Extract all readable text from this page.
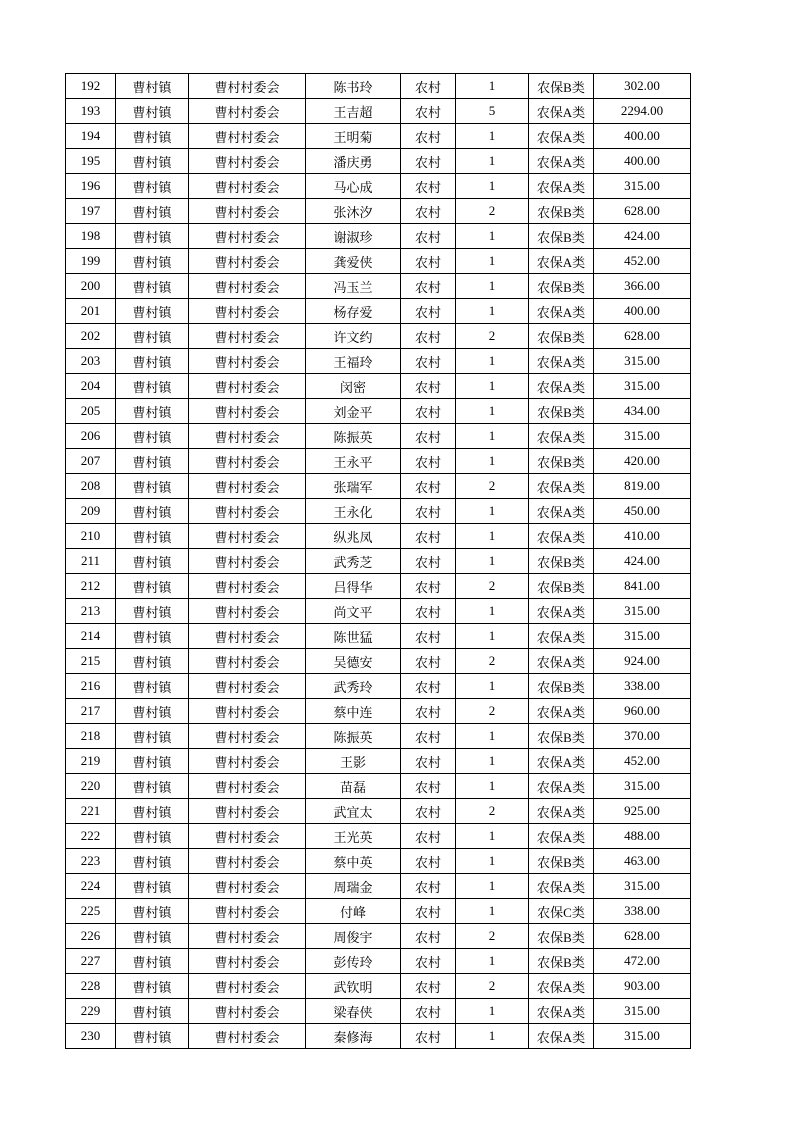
192	曹村镇	曹村村委会	陈书玲	农村	1	农保B类	302.00
193	曹村镇	曹村村委会	王吉超	农村	5	农保A类	2294.00
194	曹村镇	曹村村委会	王明菊	农村	1	农保A类	400.00
195	曹村镇	曹村村委会	潘庆勇	农村	1	农保A类	400.00
196	曹村镇	曹村村委会	马心成	农村	1	农保A类	315.00
197	曹村镇	曹村村委会	张沐汐	农村	2	农保B类	628.00
198	曹村镇	曹村村委会	谢淑珍	农村	1	农保B类	424.00
199	曹村镇	曹村村委会	龚爱侠	农村	1	农保A类	452.00
200	曹村镇	曹村村委会	冯玉兰	农村	1	农保B类	366.00
201	曹村镇	曹村村委会	杨存爱	农村	1	农保A类	400.00
202	曹村镇	曹村村委会	许文约	农村	2	农保B类	628.00
203	曹村镇	曹村村委会	王福玲	农村	1	农保A类	315.00
204	曹村镇	曹村村委会	闵密	农村	1	农保A类	315.00
205	曹村镇	曹村村委会	刘金平	农村	1	农保B类	434.00
206	曹村镇	曹村村委会	陈振英	农村	1	农保A类	315.00
207	曹村镇	曹村村委会	王永平	农村	1	农保B类	420.00
208	曹村镇	曹村村委会	张瑞军	农村	2	农保A类	819.00
209	曹村镇	曹村村委会	王永化	农村	1	农保A类	450.00
210	曹村镇	曹村村委会	纵兆凤	农村	1	农保A类	410.00
211	曹村镇	曹村村委会	武秀芝	农村	1	农保B类	424.00
212	曹村镇	曹村村委会	吕得华	农村	2	农保B类	841.00
213	曹村镇	曹村村委会	尚文平	农村	1	农保A类	315.00
214	曹村镇	曹村村委会	陈世猛	农村	1	农保A类	315.00
215	曹村镇	曹村村委会	吴德安	农村	2	农保A类	924.00
216	曹村镇	曹村村委会	武秀玲	农村	1	农保B类	338.00
217	曹村镇	曹村村委会	蔡中连	农村	2	农保A类	960.00
218	曹村镇	曹村村委会	陈振英	农村	1	农保B类	370.00
219	曹村镇	曹村村委会	王影	农村	1	农保A类	452.00
220	曹村镇	曹村村委会	苗磊	农村	1	农保A类	315.00
221	曹村镇	曹村村委会	武宜太	农村	2	农保A类	925.00
222	曹村镇	曹村村委会	王光英	农村	1	农保A类	488.00
223	曹村镇	曹村村委会	蔡中英	农村	1	农保B类	463.00
224	曹村镇	曹村村委会	周瑞金	农村	1	农保A类	315.00
225	曹村镇	曹村村委会	付峰	农村	1	农保C类	338.00
226	曹村镇	曹村村委会	周俊宇	农村	2	农保B类	628.00
227	曹村镇	曹村村委会	彭传玲	农村	1	农保B类	472.00
228	曹村镇	曹村村委会	武钦明	农村	2	农保A类	903.00
229	曹村镇	曹村村委会	梁春侠	农村	1	农保A类	315.00
230	曹村镇	曹村村委会	秦修海	农村	1	农保A类	315.00
